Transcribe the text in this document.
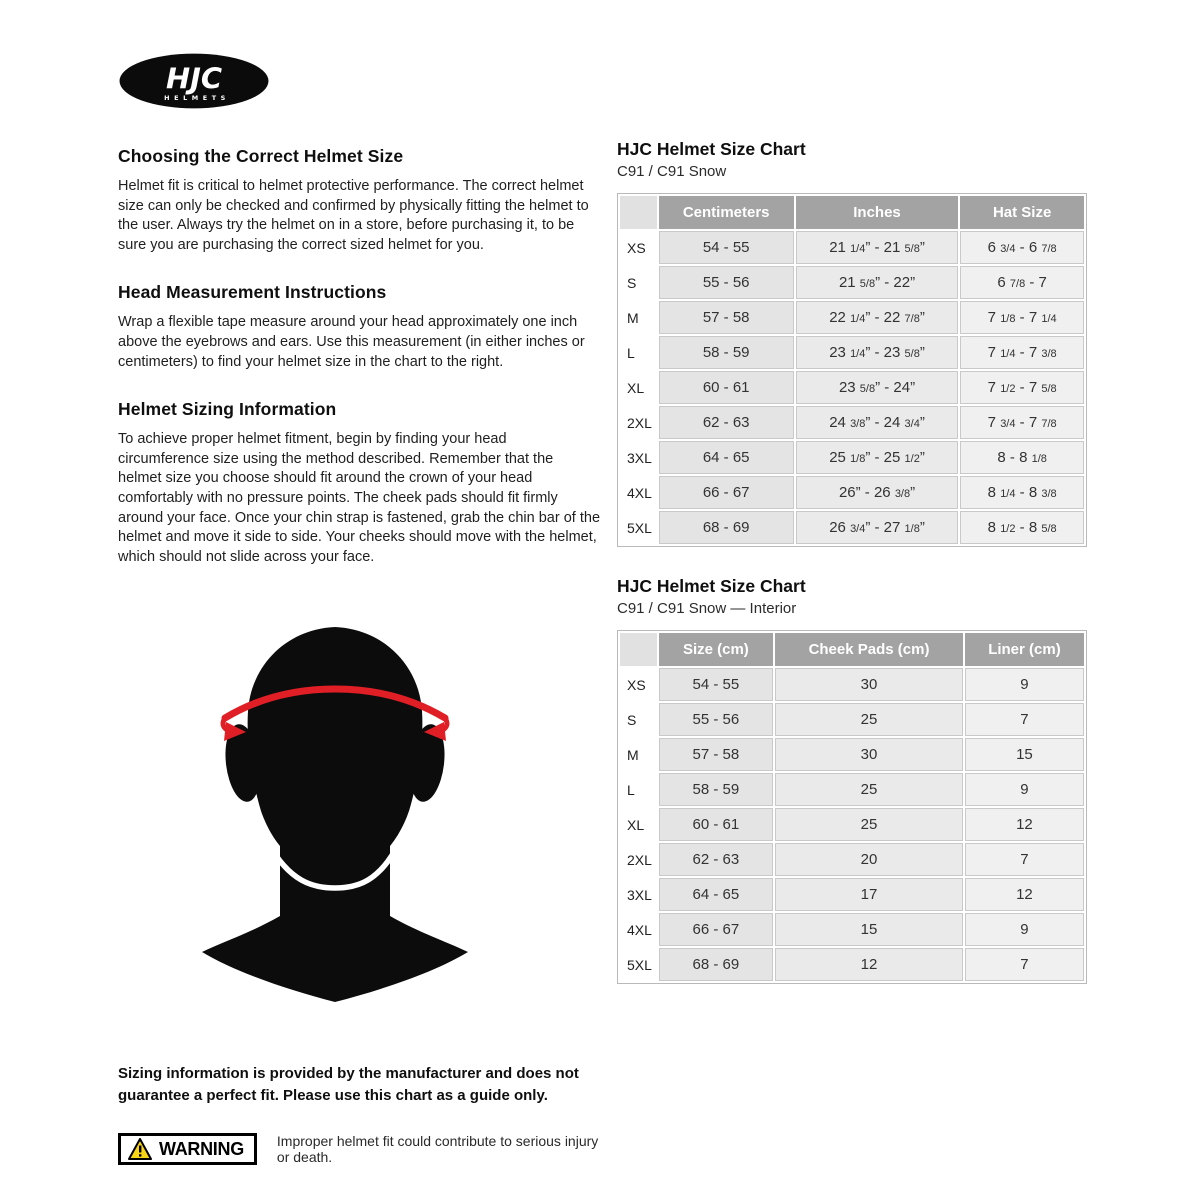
HJC
HELMETS
Choosing the Correct Helmet Size

Helmet fit is critical to helmet protective performance. The correct helmet size can only be checked and confirmed by physically fitting the helmet to the user. Always try the helmet on in a store, before purchasing it, to be sure you are purchasing the correct sized helmet for you.

Head Measurement Instructions

Wrap a flexible tape measure around your head approximately one inch above the eyebrows and ears. Use this measurement (in either inches or centimeters) to find your helmet size in the chart to the right.

Helmet Sizing Information

To achieve proper helmet fitment, begin by finding your head circumference size using the method described. Remember that the helmet size you choose should fit around the crown of your head comfortably with no pressure points. The cheek pads should fit firmly around your face. Once your chin strap is fastened, grab the chin bar of the helmet and move it side to side. Your cheeks should move with the helmet, which should not slide across your face.

Sizing information is provided by the manufacturer and does not guarantee a perfect fit. Please use this chart as a guide only.

WARNING Improper helmet fit could contribute to serious injury or death.
HJC Helmet Size Chart
C91 / C91 Snow
	Centimeters	Inches	Hat Size
XS	54 - 55	21 1/4” - 21 5/8”	6 3/4 - 6 7/8
S	55 - 56	21 5/8” - 22”	6 7/8 - 7
M	57 - 58	22 1/4” - 22 7/8”	7 1/8 - 7 1/4
L	58 - 59	23 1/4” - 23 5/8”	7 1/4 - 7 3/8
XL	60 - 61	23 5/8” - 24”	7 1/2 - 7 5/8
2XL	62 - 63	24 3/8” - 24 3/4”	7 3/4 - 7 7/8
3XL	64 - 65	25 1/8” - 25 1/2”	8 - 8 1/8
4XL	66 - 67	26” - 26 3/8”	8 1/4 - 8 3/8
5XL	68 - 69	26 3/4” - 27 1/8”	8 1/2 - 8 5/8
HJC Helmet Size Chart
C91 / C91 Snow — Interior
	Size (cm)	Cheek Pads (cm)	Liner (cm)
XS	54 - 55	30	9
S	55 - 56	25	7
M	57 - 58	30	15
L	58 - 59	25	9
XL	60 - 61	25	12
2XL	62 - 63	20	7
3XL	64 - 65	17	12
4XL	66 - 67	15	9
5XL	68 - 69	12	7
